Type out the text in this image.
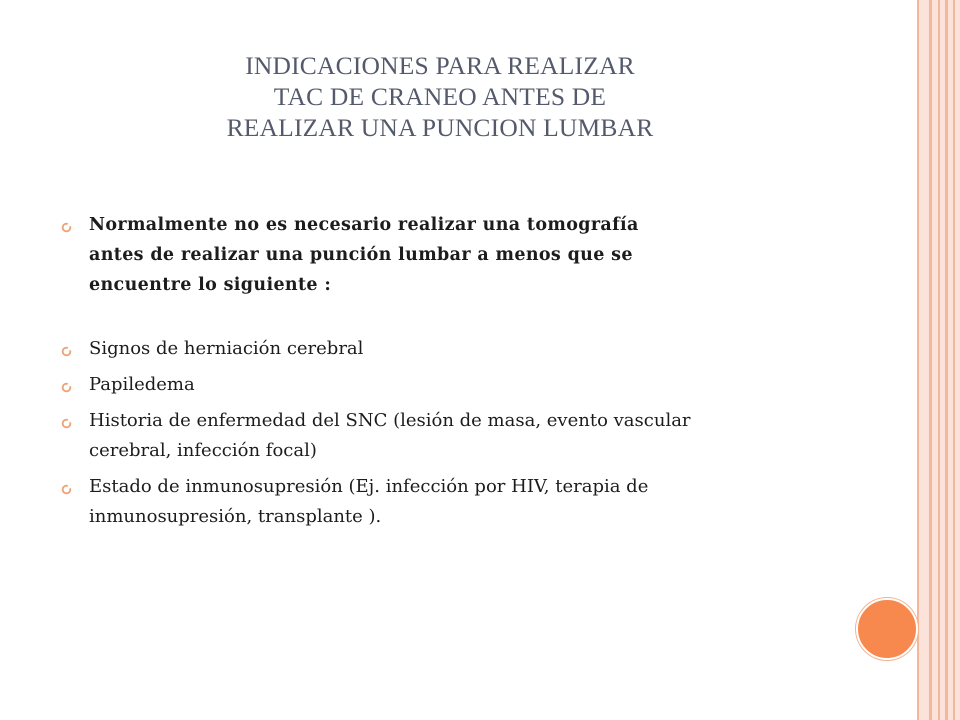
INDICACIONES PARA REALIZAR
TAC DE CRANEO ANTES DE
REALIZAR UNA PUNCION LUMBAR
Normalmente no es necesario realizar una tomografía
antes de realizar una punción lumbar a menos que se
encuentre lo siguiente :
Signos de herniación cerebral
Papiledema
Historia de enfermedad del SNC (lesión de masa, evento vascular
cerebral, infección focal)
Estado de inmunosupresión (Ej. infección por HIV, terapia de
inmunosupresión, transplante ).
